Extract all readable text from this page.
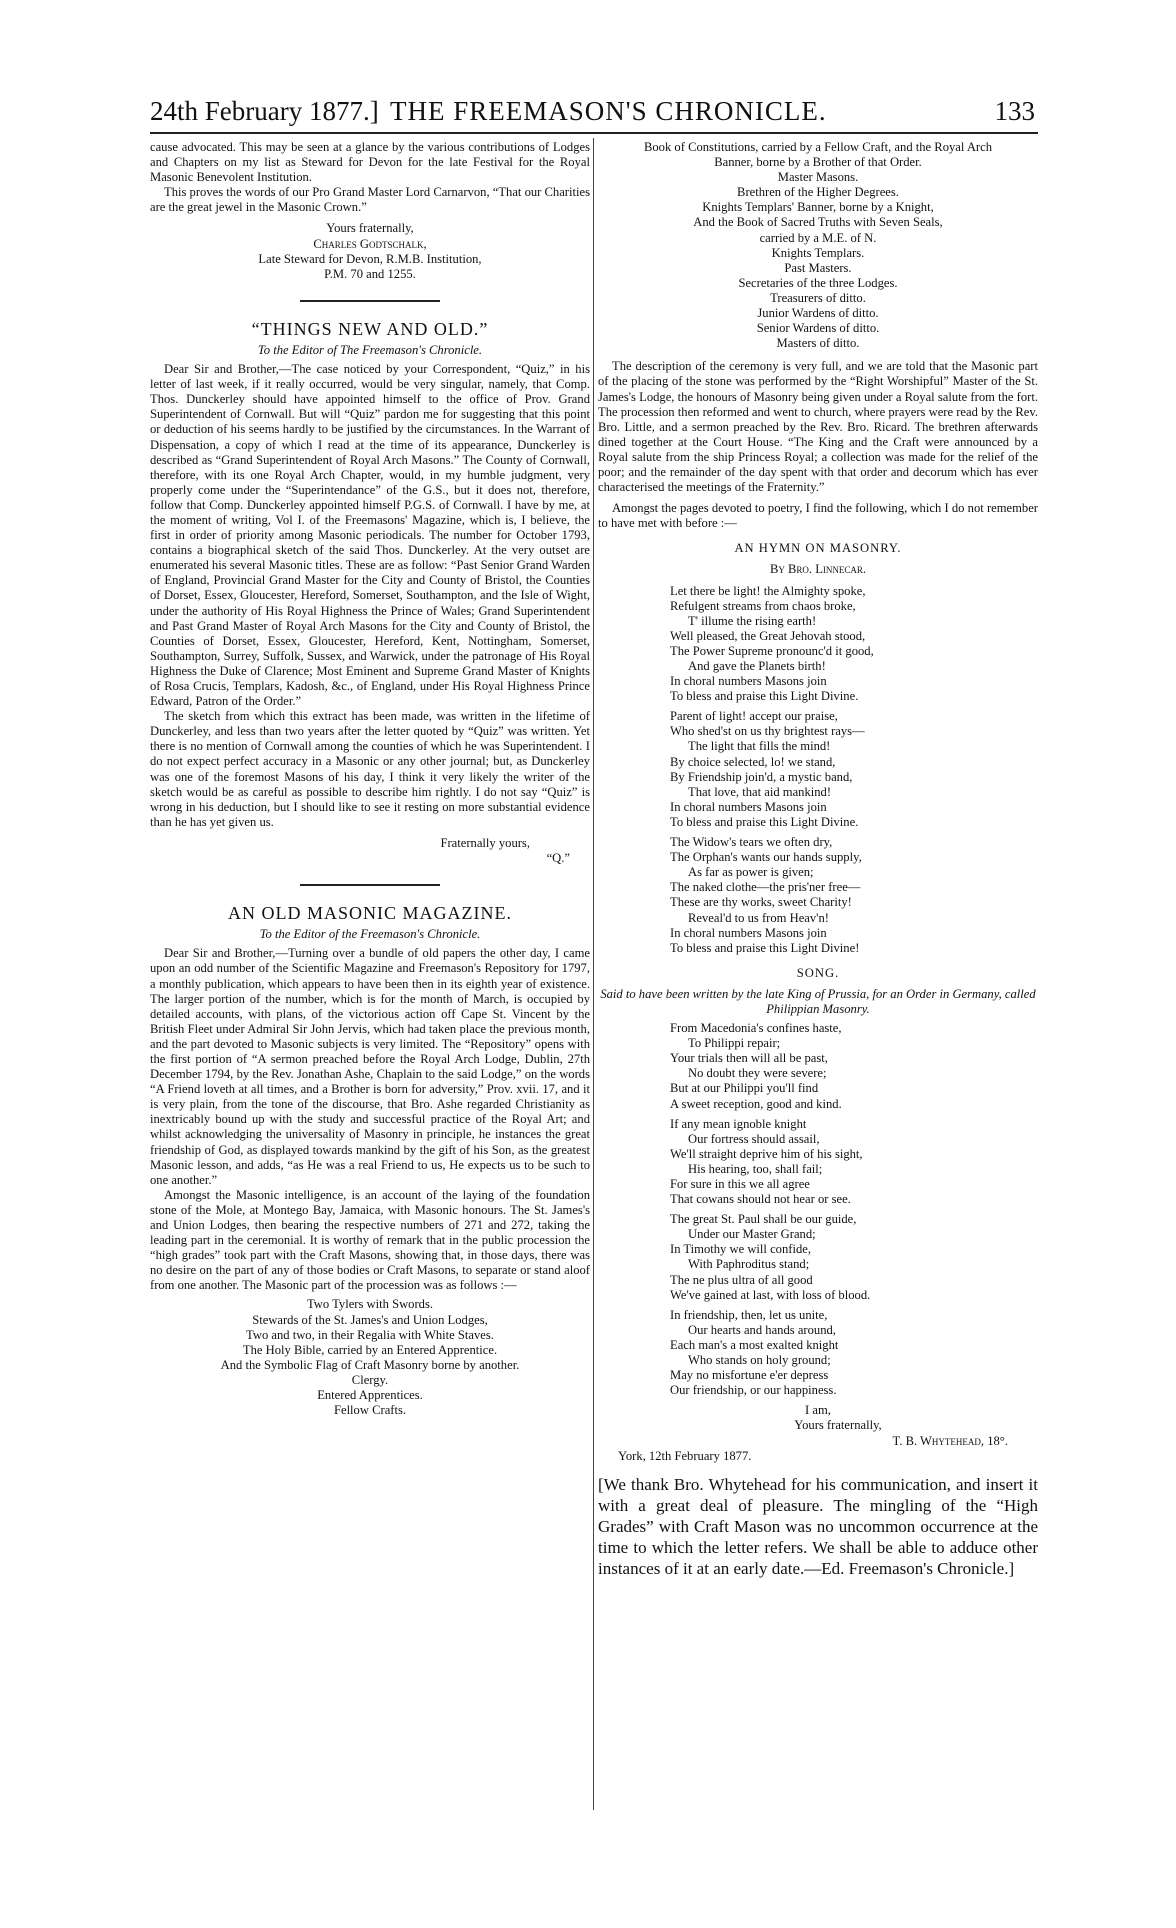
24th February 1877.] THE FREEMASON'S CHRONICLE.	133

cause advocated. This may be seen at a glance by the various contributions of Lodges and Chapters on my list as Steward for Devon for the late Festival for the Royal Masonic Benevolent Institution.

This proves the words of our Pro Grand Master Lord Carnarvon, “That our Charities are the great jewel in the Masonic Crown.”

Yours fraternally,

Charles Godtschalk,

Late Steward for Devon, R.M.B. Institution,

P.M. 70 and 1255.

“THINGS NEW AND OLD.”
To the Editor of The Freemason's Chronicle.

Dear Sir and Brother,—The case noticed by your Correspondent, “Quiz,” in his letter of last week, if it really occurred, would be very singular, namely, that Comp. Thos. Dunckerley should have appointed himself to the office of Prov. Grand Superintendent of Cornwall. But will “Quiz” pardon me for suggesting that this point or deduction of his seems hardly to be justified by the circumstances. In the Warrant of Dispensation, a copy of which I read at the time of its appearance, Dunckerley is described as “Grand Superintendent of Royal Arch Masons.” The County of Cornwall, therefore, with its one Royal Arch Chapter, would, in my humble judgment, very properly come under the “Superintendance” of the G.S., but it does not, therefore, follow that Comp. Dunckerley appointed himself P.G.S. of Cornwall. I have by me, at the moment of writing, Vol I. of the Freemasons' Magazine, which is, I believe, the first in order of priority among Masonic periodicals. The number for October 1793, contains a biographical sketch of the said Thos. Dunckerley. At the very outset are enumerated his several Masonic titles. These are as follow: “Past Senior Grand Warden of England, Provincial Grand Master for the City and County of Bristol, the Counties of Dorset, Essex, Gloucester, Hereford, Somerset, Southampton, and the Isle of Wight, under the authority of His Royal Highness the Prince of Wales; Grand Superintendent and Past Grand Master of Royal Arch Masons for the City and County of Bristol, the Counties of Dorset, Essex, Gloucester, Hereford, Kent, Nottingham, Somerset, Southampton, Surrey, Suffolk, Sussex, and Warwick, under the patronage of His Royal Highness the Duke of Clarence; Most Eminent and Supreme Grand Master of Knights of Rosa Crucis, Templars, Kadosh, &c., of England, under His Royal Highness Prince Edward, Patron of the Order.”

The sketch from which this extract has been made, was written in the lifetime of Dunckerley, and less than two years after the letter quoted by “Quiz” was written. Yet there is no mention of Cornwall among the counties of which he was Superintendent. I do not expect perfect accuracy in a Masonic or any other journal; but, as Dunckerley was one of the foremost Masons of his day, I think it very likely the writer of the sketch would be as careful as possible to describe him rightly. I do not say “Quiz” is wrong in his deduction, but I should like to see it resting on more substantial evidence than he has yet given us.

Fraternally yours,

“Q.”

AN OLD MASONIC MAGAZINE.
To the Editor of the Freemason's Chronicle.

Dear Sir and Brother,—Turning over a bundle of old papers the other day, I came upon an odd number of the Scientific Magazine and Freemason's Repository for 1797, a monthly publication, which appears to have been then in its eighth year of existence. The larger portion of the number, which is for the month of March, is occupied by detailed accounts, with plans, of the victorious action off Cape St. Vincent by the British Fleet under Admiral Sir John Jervis, which had taken place the previous month, and the part devoted to Masonic subjects is very limited. The “Repository” opens with the first portion of “A sermon preached before the Royal Arch Lodge, Dublin, 27th December 1794, by the Rev. Jonathan Ashe, Chaplain to the said Lodge,” on the words “A Friend loveth at all times, and a Brother is born for adversity,” Prov. xvii. 17, and it is very plain, from the tone of the discourse, that Bro. Ashe regarded Christianity as inextricably bound up with the study and successful practice of the Royal Art; and whilst acknowledging the universality of Masonry in principle, he instances the great friendship of God, as displayed towards mankind by the gift of his Son, as the greatest Masonic lesson, and adds, “as He was a real Friend to us, He expects us to be such to one another.”

Amongst the Masonic intelligence, is an account of the laying of the foundation stone of the Mole, at Montego Bay, Jamaica, with Masonic honours. The St. James's and Union Lodges, then bearing the respective numbers of 271 and 272, taking the leading part in the ceremonial. It is worthy of remark that in the public procession the “high grades” took part with the Craft Masons, showing that, in those days, there was no desire on the part of any of those bodies or Craft Masons, to separate or stand aloof from one another. The Masonic part of the procession was as follows :—

Two Tylers with Swords.

Stewards of the St. James's and Union Lodges,

Two and two, in their Regalia with White Staves.

The Holy Bible, carried by an Entered Apprentice.

And the Symbolic Flag of Craft Masonry borne by another.

Clergy.

Entered Apprentices.

Fellow Crafts.

Book of Constitutions, carried by a Fellow Craft, and the Royal Arch

Banner, borne by a Brother of that Order.

Master Masons.

Brethren of the Higher Degrees.

Knights Templars' Banner, borne by a Knight,

And the Book of Sacred Truths with Seven Seals,

carried by a M.E. of N.

Knights Templars.

Past Masters.

Secretaries of the three Lodges.

Treasurers of ditto.

Junior Wardens of ditto.

Senior Wardens of ditto.

Masters of ditto.

The description of the ceremony is very full, and we are told that the Masonic part of the placing of the stone was performed by the “Right Worshipful” Master of the St. James's Lodge, the honours of Masonry being given under a Royal salute from the fort. The procession then reformed and went to church, where prayers were read by the Rev. Bro. Little, and a sermon preached by the Rev. Bro. Ricard. The brethren afterwards dined together at the Court House. “The King and the Craft were announced by a Royal salute from the ship Princess Royal; a collection was made for the relief of the poor; and the remainder of the day spent with that order and decorum which has ever characterised the meetings of the Fraternity.”

Amongst the pages devoted to poetry, I find the following, which I do not remember to have met with before :—

AN HYMN ON MASONRY.
By Bro. Linnecar.

Let there be light! the Almighty spoke,

Refulgent streams from chaos broke,

T' illume the rising earth!

Well pleased, the Great Jehovah stood,

The Power Supreme pronounc'd it good,

And gave the Planets birth!

In choral numbers Masons join

To bless and praise this Light Divine.

Parent of light! accept our praise,

Who shed'st on us thy brightest rays—

The light that fills the mind!

By choice selected, lo! we stand,

By Friendship join'd, a mystic band,

That love, that aid mankind!

In choral numbers Masons join

To bless and praise this Light Divine.

The Widow's tears we often dry,

The Orphan's wants our hands supply,

As far as power is given;

The naked clothe—the pris'ner free—

These are thy works, sweet Charity!

Reveal'd to us from Heav'n!

In choral numbers Masons join

To bless and praise this Light Divine!

SONG.

Said to have been written by the late King of Prussia, for an Order in Germany, called Philippian Masonry.

From Macedonia's confines haste,

To Philippi repair;

Your trials then will all be past,

No doubt they were severe;

But at our Philippi you'll find

A sweet reception, good and kind.

If any mean ignoble knight

Our fortress should assail,

We'll straight deprive him of his sight,

His hearing, too, shall fail;

For sure in this we all agree

That cowans should not hear or see.

The great St. Paul shall be our guide,

Under our Master Grand;

In Timothy we will confide,

With Paphroditus stand;

The ne plus ultra of all good

We've gained at last, with loss of blood.

In friendship, then, let us unite,

Our hearts and hands around,

Each man's a most exalted knight

Who stands on holy ground;

May no misfortune e'er depress

Our friendship, or our happiness.

I am,

Yours fraternally,

T. B. Whytehead, 18°.

York, 12th February 1877.

[We thank Bro. Whytehead for his communication, and insert it with a great deal of pleasure. The mingling of the “High Grades” with Craft Mason was no uncommon occurrence at the time to which the letter refers. We shall be able to adduce other instances of it at an early date.—Ed. Freemason's Chronicle.]
